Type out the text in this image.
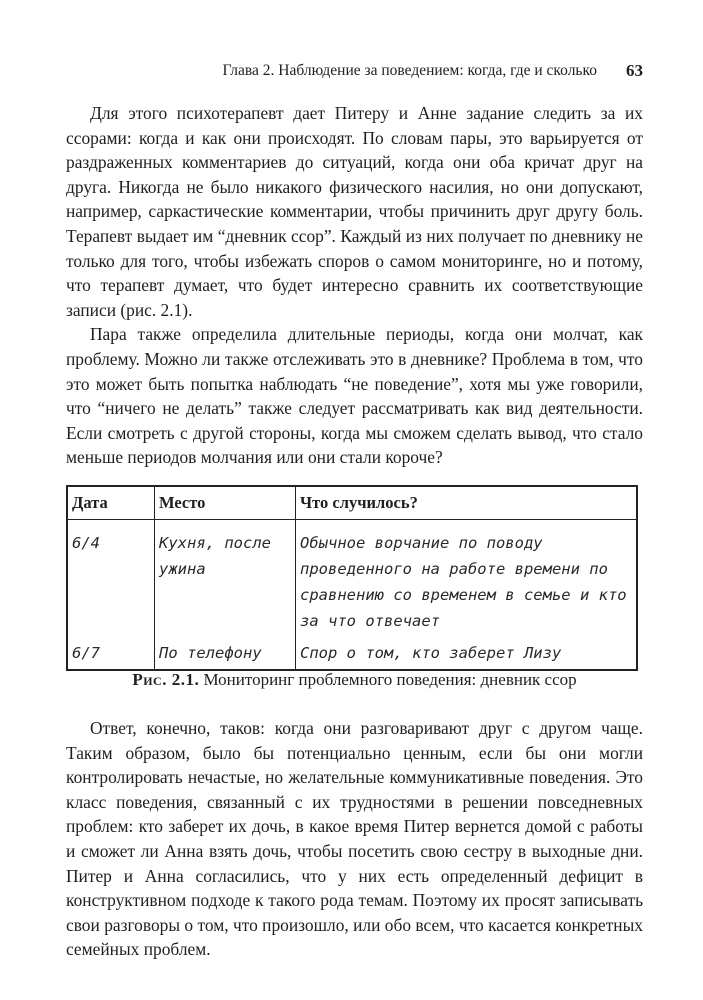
Глава 2. Наблюдение за поведением: когда, где и сколько 63

Для этого психотерапевт дает Питеру и Анне задание следить за их ссорами: когда и как они происходят. По словам пары, это варьируется от раздраженных комментариев до ситуаций, когда они оба кричат друг на друга. Никогда не было никакого физического насилия, но они допускают, например, саркастические комментарии, чтобы причинить друг другу боль. Терапевт выдает им “дневник ссор”. Каждый из них получает по дневнику не только для того, чтобы избежать споров о самом мониторинге, но и потому, что терапевт думает, что будет интересно сравнить их соответствующие записи (рис. 2.1).

Пара также определила длительные периоды, когда они молчат, как проблему. Можно ли также отслеживать это в дневнике? Проблема в том, что это может быть попытка наблюдать “не поведение”, хотя мы уже говорили, что “ничего не делать” также следует рассматривать как вид деятельности. Если смотреть с другой стороны, когда мы сможем сделать вывод, что стало меньше периодов молчания или они стали короче?

Дата	Место	Что случилось?
6/4	Кухня, после ужина	Обычное ворчание по поводу проведенного на работе времени по сравнению со временем в семье и кто за что отвечает
6/7	По телефону	Спор о том, кто заберет Лизу
Рис. 2.1. Мониторинг проблемного поведения: дневник ссор

Ответ, конечно, таков: когда они разговаривают друг с другом чаще. Таким образом, было бы потенциально ценным, если бы они могли контролировать нечастые, но желательные коммуникативные поведения. Это класс поведения, связанный с их трудностями в решении повседневных проблем: кто заберет их дочь, в какое время Питер вернется домой с работы и сможет ли Анна взять дочь, чтобы посетить свою сестру в выходные дни. Питер и Анна согласились, что у них есть определенный дефицит в конструктивном подходе к такого рода темам. Поэтому их просят записывать свои разговоры о том, что произошло, или обо всем, что касается конкретных семейных проблем.
